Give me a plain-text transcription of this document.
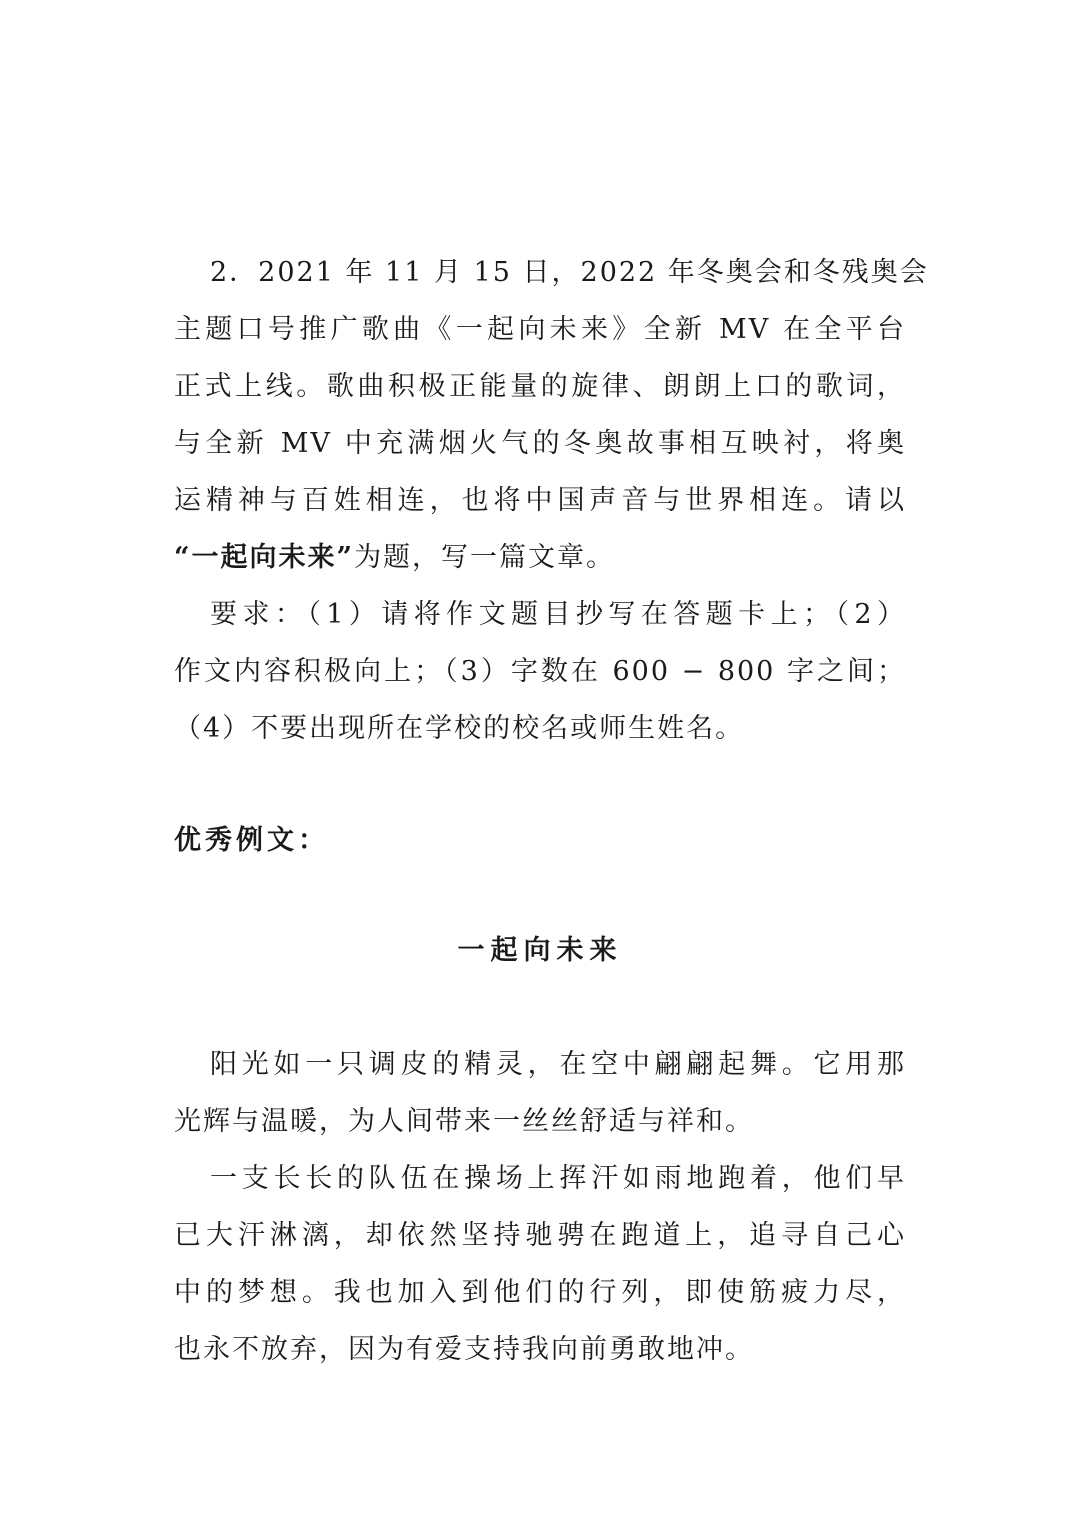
2．2021 年 11 月 15 日，2022 年冬奥会和冬残奥会
主题口号推广歌曲《一起向未来》全新 MV 在全平台
正式上线。歌曲积极正能量的旋律、朗朗上口的歌词，
与全新 MV 中充满烟火气的冬奥故事相互映衬，将奥
运精神与百姓相连，也将中国声音与世界相连。请以
“一起向未来”为题，写一篇文章。
要求：（1）请将作文题目抄写在答题卡上；（2）
作文内容积极向上；（3）字数在 600 − 800 字之间；
（4）不要出现所在学校的校名或师生姓名。
优秀例文：
一起向未来
阳光如一只调皮的精灵，在空中翩翩起舞。它用那
光辉与温暖，为人间带来一丝丝舒适与祥和。
一支长长的队伍在操场上挥汗如雨地跑着，他们早
已大汗淋漓，却依然坚持驰骋在跑道上，追寻自己心
中的梦想。我也加入到他们的行列，即使筋疲力尽，
也永不放弃，因为有爱支持我向前勇敢地冲。
